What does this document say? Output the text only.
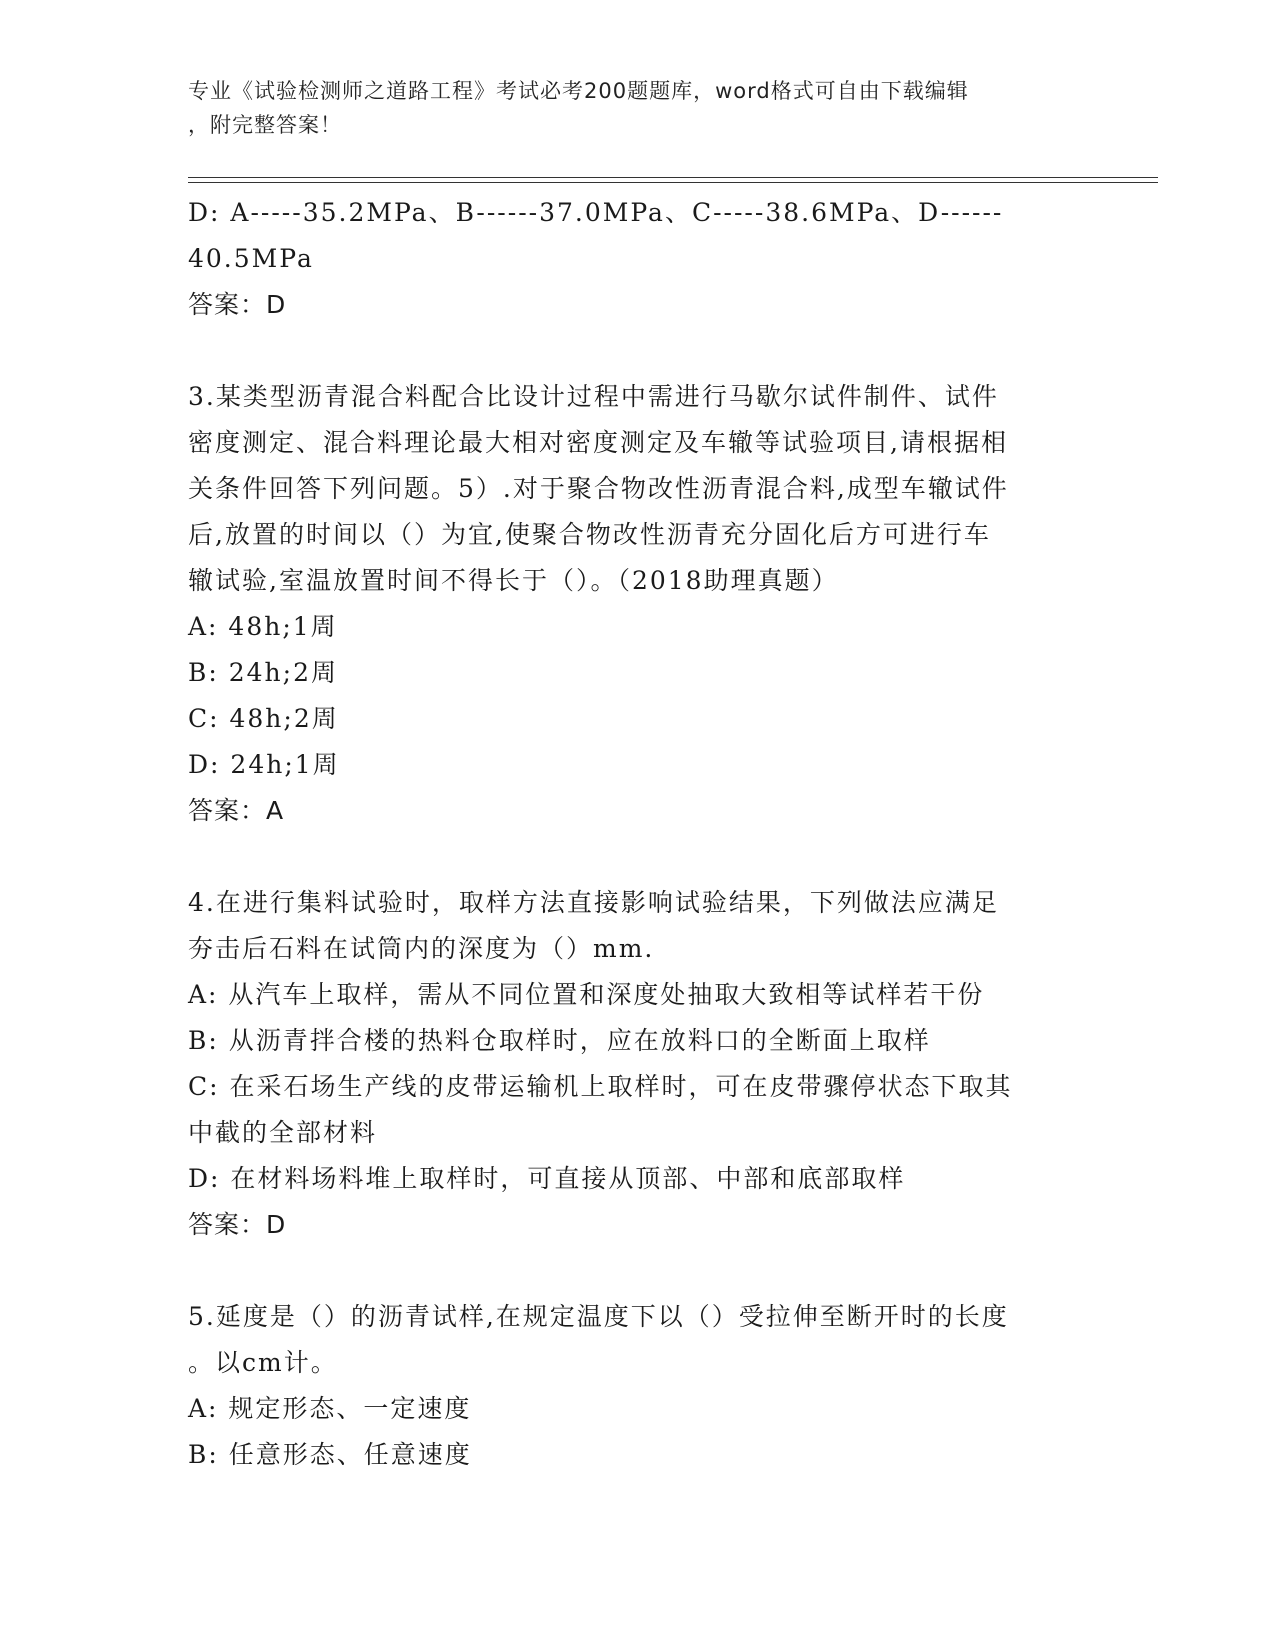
专业《试验检测师之道路工程》考试必考200题题库，word格式可自由下载编辑
，附完整答案！
D: A-----35.2MPa、B------37.0MPa、C-----38.6MPa、D------
40.5MPa
答案：D
3.某类型沥青混合料配合比设计过程中需进行马歇尔试件制件、试件
密度测定、混合料理论最大相对密度测定及车辙等试验项目,请根据相
关条件回答下列问题。5）.对于聚合物改性沥青混合料,成型车辙试件
后,放置的时间以（）为宜,使聚合物改性沥青充分固化后方可进行车
辙试验,室温放置时间不得长于（）。（2018助理真题）
A: 48h;1周
B: 24h;2周
C: 48h;2周
D: 24h;1周
答案：A
4.在进行集料试验时，取样方法直接影响试验结果，下列做法应满足
夯击后石料在试筒内的深度为（）mm.
A: 从汽车上取样，需从不同位置和深度处抽取大致相等试样若干份
B: 从沥青拌合楼的热料仓取样时，应在放料口的全断面上取样
C: 在采石场生产线的皮带运输机上取样时，可在皮带骤停状态下取其
中截的全部材料
D: 在材料场料堆上取样时，可直接从顶部、中部和底部取样
答案：D
5.延度是（）的沥青试样,在规定温度下以（）受拉伸至断开时的长度
。以cm计。
A: 规定形态、一定速度
B: 任意形态、任意速度
